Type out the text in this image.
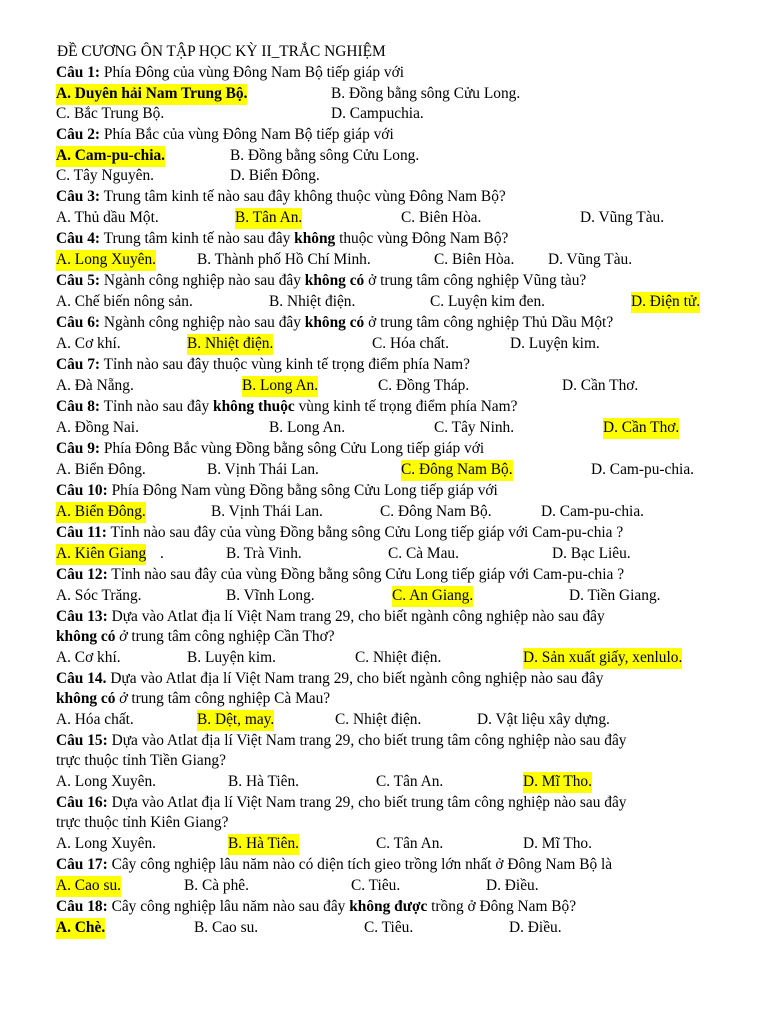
ĐỀ CƯƠNG ÔN TẬP HỌC KỲ II_TRẮC NGHIỆM
Câu 1: Phía Đông của vùng Đông Nam Bộ tiếp giáp với
A. Duyên hải Nam Trung Bộ.	B. Đồng bằng sông Cửu Long.
C. Bắc Trung Bộ.	D. Campuchia.
Câu 2: Phía Bắc của vùng Đông Nam Bộ tiếp giáp với
A. Cam-pu-chia.	B. Đồng bằng sông Cửu Long.
C. Tây Nguyên.	D. Biển Đông.
Câu 3: Trung tâm kinh tế nào sau đây không thuộc vùng Đông Nam Bộ?
A. Thủ dầu Một.	B. Tân An.	C. Biên Hòa.	D. Vũng Tàu.
Câu 4: Trung tâm kinh tế nào sau đây không thuộc vùng Đông Nam Bộ?
A. Long Xuyên.	B. Thành phố Hồ Chí Minh.	C. Biên Hòa. D. Vũng Tàu.
Câu 5: Ngành công nghiệp nào sau đây không có ở trung tâm công nghiệp Vũng tàu?
A. Chế biến nông sản.	B. Nhiệt điện.	C. Luyện kim đen.	D. Điện tử.
Câu 6: Ngành công nghiệp nào sau đây không có ở trung tâm công nghiệp Thủ Dầu Một?
A. Cơ khí.	B. Nhiệt điện.	C. Hóa chất.	D. Luyện kim.
Câu 7: Tỉnh nào sau đây thuộc vùng kinh tế trọng điểm phía Nam?
A. Đà Nẵng.	B. Long An.	C. Đồng Tháp.	D. Cần Thơ.
Câu 8: Tỉnh nào sau đây không thuộc vùng kinh tế trọng điểm phía Nam?
A. Đồng Nai.	B. Long An.	C. Tây Ninh.	D. Cần Thơ.
Câu 9: Phía Đông Bắc vùng Đồng bằng sông Cửu Long tiếp giáp với
A. Biển Đông.	B. Vịnh Thái Lan.	C. Đông Nam Bộ.	D. Cam-pu-chia.
Câu 10: Phía Đông Nam vùng Đồng bằng sông Cửu Long tiếp giáp với
A. Biển Đông.	B. Vịnh Thái Lan.	C. Đông Nam Bộ.	D. Cam-pu-chia.
Câu 11: Tỉnh nào sau đây của vùng Đồng bằng sông Cửu Long tiếp giáp với Cam-pu-chia ?
A. Kiên Giang .	B. Trà Vinh.	C. Cà Mau.	D. Bạc Liêu.
Câu 12: Tỉnh nào sau đây của vùng Đồng bằng sông Cửu Long tiếp giáp với Cam-pu-chia ?
A. Sóc Trăng.	B. Vĩnh Long.	C. An Giang.	D. Tiền Giang.
Câu 13: Dựa vào Atlat địa lí Việt Nam trang 29, cho biết ngành công nghiệp nào sau đây
không có ở trung tâm công nghiệp Cần Thơ?
A. Cơ khí.	B. Luyện kim.	C. Nhiệt điện.	D. Sản xuất giấy, xenlulo.
Câu 14. Dựa vào Atlat địa lí Việt Nam trang 29, cho biết ngành công nghiệp nào sau đây
không có ở trung tâm công nghiệp Cà Mau?
A. Hóa chất.	B. Dệt, may.	C. Nhiệt điện.	D. Vật liệu xây dựng.
Câu 15: Dựa vào Atlat địa lí Việt Nam trang 29, cho biết trung tâm công nghiệp nào sau đây
trực thuộc tỉnh Tiền Giang?
A. Long Xuyên.	B. Hà Tiên.	C. Tân An.	D. Mĩ Tho.
Câu 16: Dựa vào Atlat địa lí Việt Nam trang 29, cho biết trung tâm công nghiệp nào sau đây
trực thuộc tỉnh Kiên Giang?
A. Long Xuyên.	B. Hà Tiên.	C. Tân An.	D. Mĩ Tho.
Câu 17: Cây công nghiệp lâu năm nào có diện tích gieo trồng lớn nhất ở Đông Nam Bộ là
A. Cao su.	B. Cà phê.	C. Tiêu.	D. Điều.
Câu 18: Cây công nghiệp lâu năm nào sau đây không được trồng ở Đông Nam Bộ?
A. Chè.	B. Cao su.	C. Tiêu.	D. Điều.
